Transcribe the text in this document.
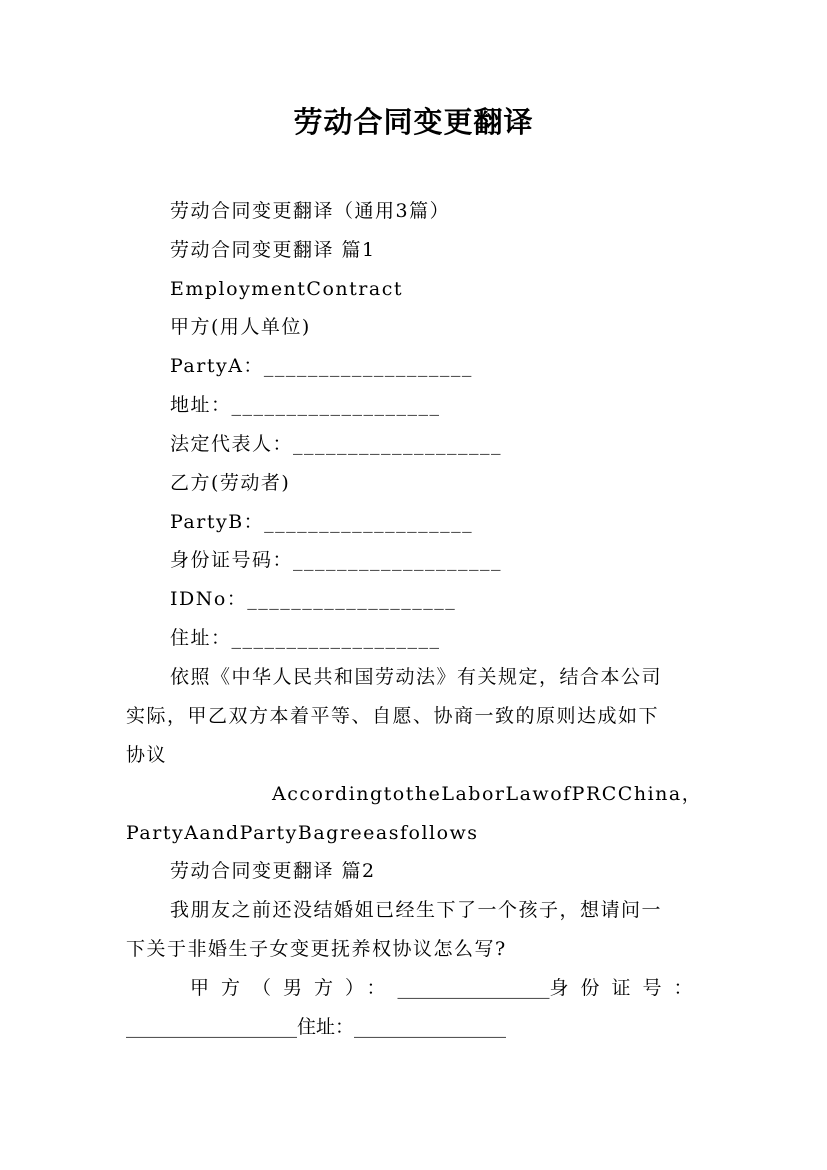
劳动合同变更翻译
劳动合同变更翻译（通用3篇）
劳动合同变更翻译 篇1
EmploymentContract
甲方(用人单位)
PartyA：___________________
地址：___________________
法定代表人：___________________
乙方(劳动者)
PartyB：___________________
身份证号码：___________________
IDNo：___________________
住址：___________________
依照《中华人民共和国劳动法》有关规定，结合本公司
实际，甲乙双方本着平等、自愿、协商一致的原则达成如下
协议
AccordingtotheLaborLawofPRCChina ，
PartyAandPartyBagreeasfollows
劳动合同变更翻译 篇2
我朋友之前还没结婚姐已经生下了一个孩子，想请问一
下关于非婚生子女变更抚养权协议怎么写?
甲方（男方）： ________________ 身份证号：
__________________住址：________________
